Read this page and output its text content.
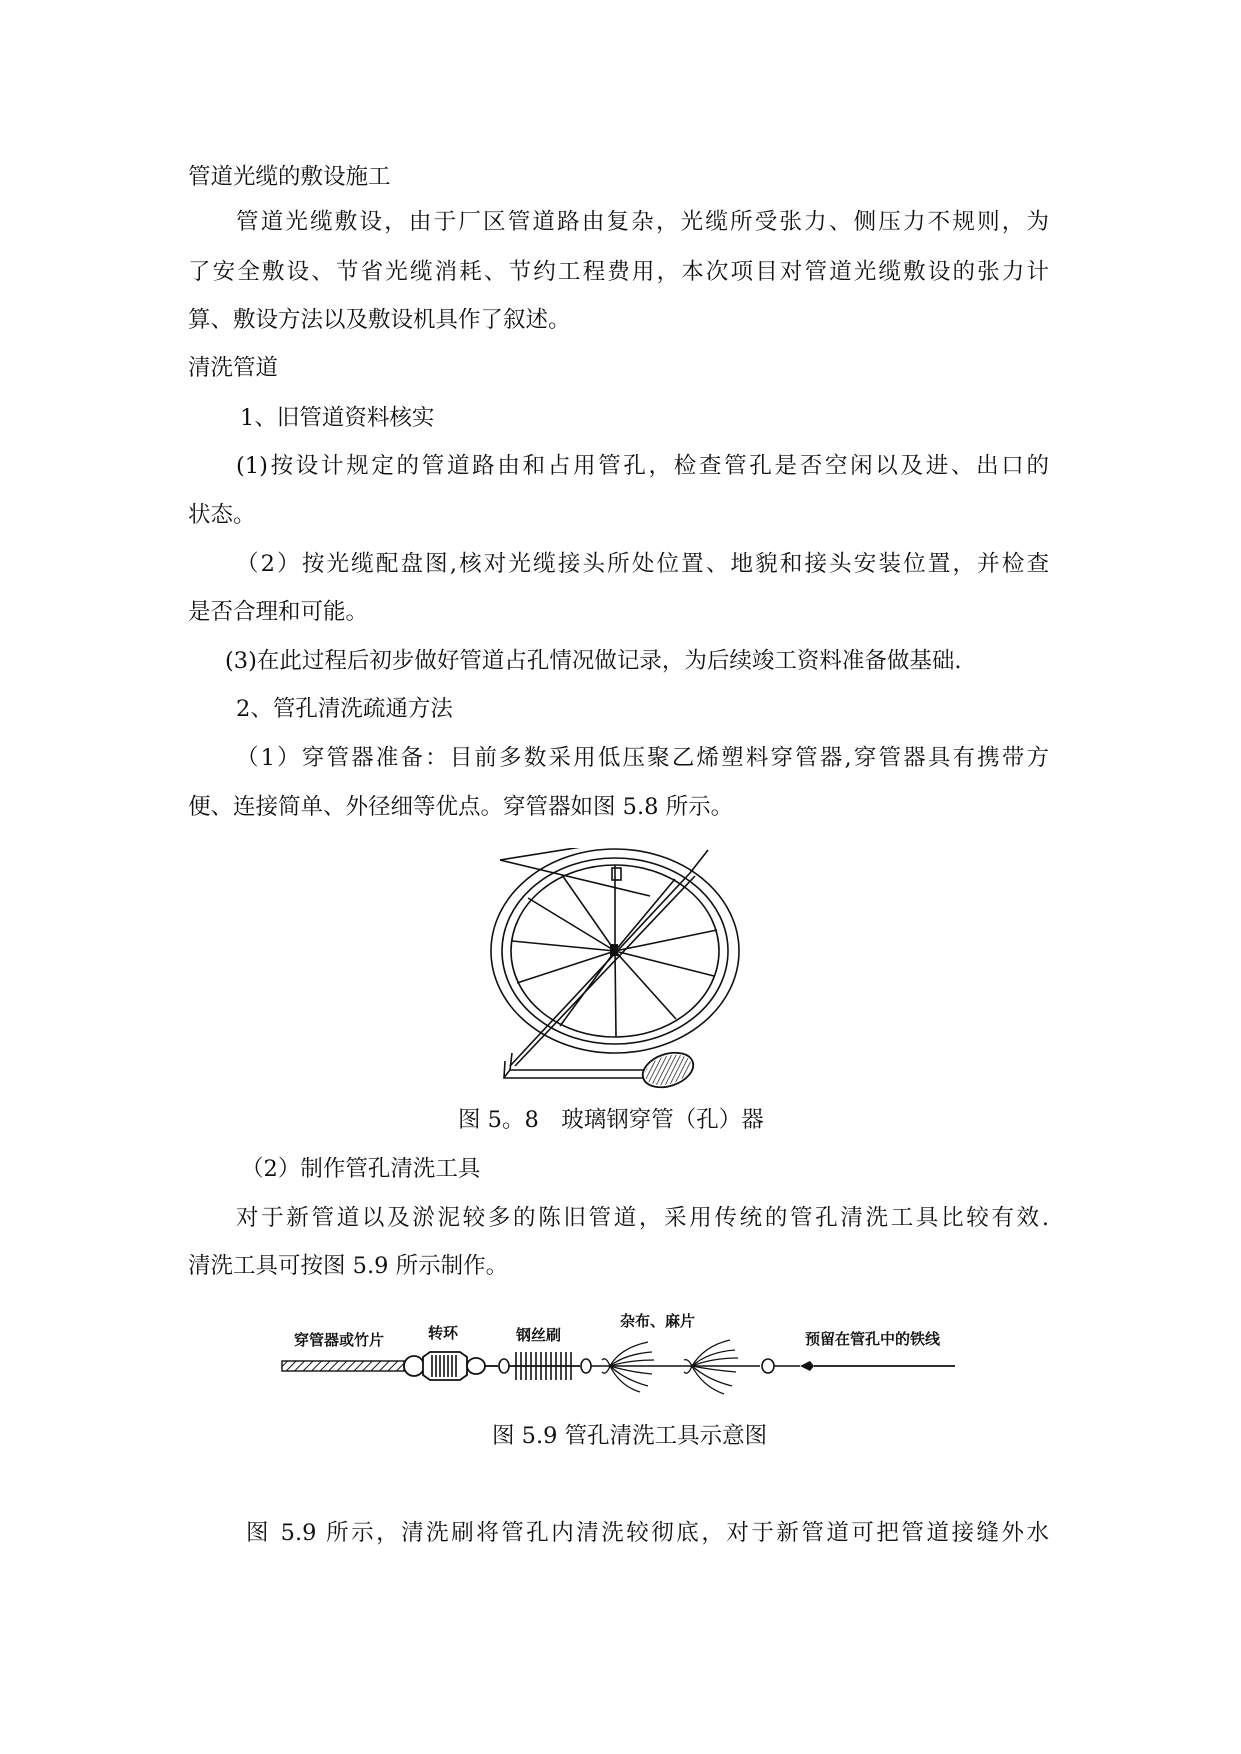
管道光缆的敷设施工
管道光缆敷设，由于厂区管道路由复杂，光缆所受张力、侧压力不规则，为
了安全敷设、节省光缆消耗、节约工程费用，本次项目对管道光缆敷设的张力计
算、敷设方法以及敷设机具作了叙述。
清洗管道
1、旧管道资料核实
(1)按设计规定的管道路由和占用管孔，检查管孔是否空闲以及进、出口的
状态。
（2）按光缆配盘图,核对光缆接头所处位置、地貌和接头安装位置，并检查
是否合理和可能。
(3)在此过程后初步做好管道占孔情况做记录，为后续竣工资料准备做基础.
2、管孔清洗疏通方法
（1）穿管器准备：目前多数采用低压聚乙烯塑料穿管器,穿管器具有携带方
便、连接简单、外径细等优点。穿管器如图 5.8 所示。
图 5。8　玻璃钢穿管（孔）器
（2）制作管孔清洗工具
对于新管道以及淤泥较多的陈旧管道，采用传统的管孔清洗工具比较有效.
清洗工具可按图 5.9 所示制作。
穿管器或竹片	转环	钢丝刷
杂布、麻片
预留在管孔中的铁线
图 5.9 管孔清洗工具示意图
图 5.9 所示，清洗刷将管孔内清洗较彻底，对于新管道可把管道接缝外水
